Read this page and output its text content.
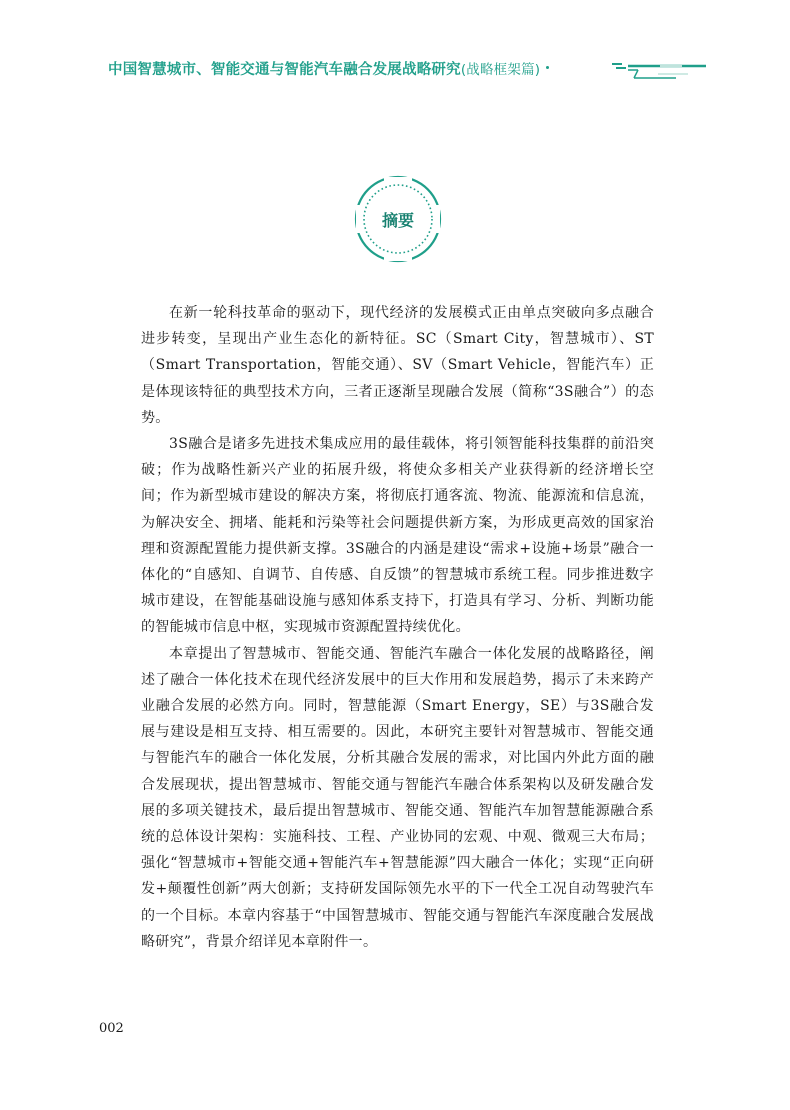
中国智慧城市、智能交通与智能汽车融合发展战略研究(战略框架篇)
摘要

在新一轮科技革命的驱动下，现代经济的发展模式正由单点突破向多点融合进步转变，呈现出产业生态化的新特征。SC（Smart City，智慧城市）、ST（Smart Transportation，智能交通）、SV（Smart Vehicle，智能汽车）正是体现该特征的典型技术方向，三者正逐渐呈现融合发展（简称“3S融合”）的态势。

3S融合是诸多先进技术集成应用的最佳载体，将引领智能科技集群的前沿突破；作为战略性新兴产业的拓展升级，将使众多相关产业获得新的经济增长空间；作为新型城市建设的解决方案，将彻底打通客流、物流、能源流和信息流，为解决安全、拥堵、能耗和污染等社会问题提供新方案，为形成更高效的国家治理和资源配置能力提供新支撑。3S融合的内涵是建设“需求+设施+场景”融合一体化的“自感知、自调节、自传感、自反馈”的智慧城市系统工程。同步推进数字城市建设，在智能基础设施与感知体系支持下，打造具有学习、分析、判断功能的智能城市信息中枢，实现城市资源配置持续优化。

本章提出了智慧城市、智能交通、智能汽车融合一体化发展的战略路径，阐述了融合一体化技术在现代经济发展中的巨大作用和发展趋势，揭示了未来跨产业融合发展的必然方向。同时，智慧能源（Smart Energy，SE）与3S融合发展与建设是相互支持、相互需要的。因此，本研究主要针对智慧城市、智能交通与智能汽车的融合一体化发展，分析其融合发展的需求，对比国内外此方面的融合发展现状，提出智慧城市、智能交通与智能汽车融合体系架构以及研发融合发展的多项关键技术，最后提出智慧城市、智能交通、智能汽车加智慧能源融合系统的总体设计架构：实施科技、工程、产业协同的宏观、中观、微观三大布局；强化“智慧城市+智能交通+智能汽车+智慧能源”四大融合一体化；实现“正向研发+颠覆性创新”两大创新；支持研发国际领先水平的下一代全工况自动驾驶汽车的一个目标。本章内容基于“中国智慧城市、智能交通与智能汽车深度融合发展战略研究”，背景介绍详见本章附件一。

002
